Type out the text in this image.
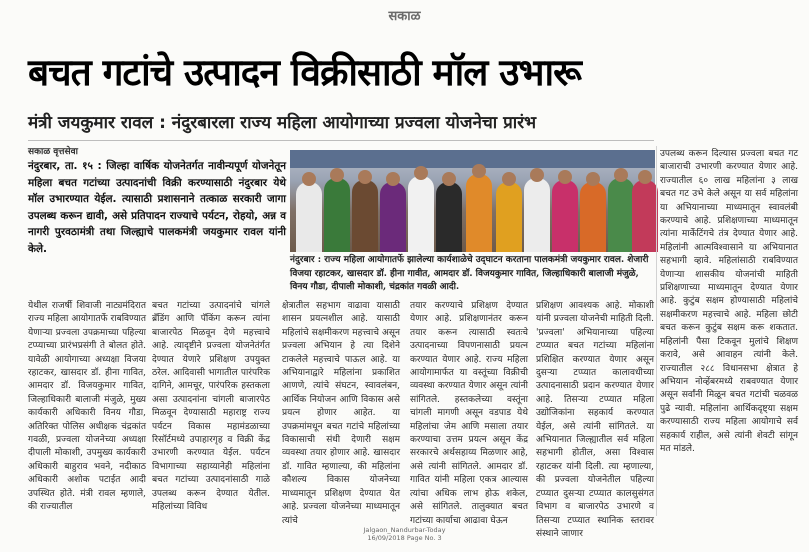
सकाळ
बचत गटांचे उत्पादन विक्रीसाठी मॉल उभारू
मंत्री जयकुमार रावल : नंदुरबारला राज्य महिला आयोगाच्या प्रज्वला योजनेचा प्रारंभ
सकाळ वृत्तसेवा

नंदुरबार, ता. १५ : जिल्हा वार्षिक योजनेतर्गत नावीन्यपूर्ण योजनेतून महिला बचत गटांच्या उत्पादनांची विक्री करण्यासाठी नंदुरबार येथे मॉल उभारण्यात येईल. त्यासाठी प्रशासनाने तत्काळ सरकारी जागा उपलब्ध करून द्यावी, असे प्रतिपादन राज्याचे पर्यटन, रोहयो, अन्न व नागरी पुरवठामंत्री तथा जिल्ह्याचे पालकमंत्री जयकुमार रावल यांनी केले.

नंदुरबार : राज्य महिला आयोगातर्फे झालेल्या कार्यशाळेचे उद्‌घाटन करताना पालकमंत्री जयकुमार रावल. शेजारी विजया रहाटकर, खासदार डॉ. हीना गावीत, आमदार डॉ. विजयकुमार गावित, जिल्हाधिकारी बालाजी मंजुळे, विनय गौडा, दीपाली मोकाशी, चंद्रकांत गवळी आदी.

येथील राजर्षी शिवाजी नाट्यमंदिरात राज्य महिला आयोगातर्फे राबविण्यात येणाऱ्या प्रज्वला उपक्रमाच्या पहिल्या टप्प्याच्या प्रारंभप्रसंगी ते बोलत होते. यावेळी आयोगाच्या अध्यक्षा विजया रहाटकर, खासदार डॉ. हीना गावित, आमदार डॉ. विजयकुमार गावित, जिल्हाधिकारी बालाजी मंजुळे, मुख्य कार्यकारी अधिकारी विनय गौडा, अतिरिक्त पोलिस अधीक्षक चंद्रकांत गवळी, प्रज्वला योजनेच्या अध्यक्षा दीपाली मोकाशी, उपमुख्य कार्यकारी अधिकारी बाहुराव भवने, नदीकाठ अधिकारी अशोक पटाईत आदी उपस्थित होते. मंत्री रावल म्हणाले, की राज्यातील

बचत गटांच्या उत्पादनांचे चांगले ब्रँडिंग आणि पॅकिंग करून त्यांना बाजारपेठ मिळवून देणे महत्त्वाचे आहे. त्यादृष्टीने प्रज्वला योजनेतंर्गत देण्यात येणारे प्रशिक्षण उपयुक्त ठरेल. आदिवासी भागातील पारंपरिक दागिने, आमचूर, पारंपरिक हस्तकला असा उत्पादनांना चांगली बाजारपेठ मिळवून देण्यासाठी महाराष्ट्र राज्य पर्यटन विकास महामंडळाच्या रिसॉर्टमध्ये उपाहारगृह व विक्री केंद्र उभारणी करण्यात येईल. पर्यटन विभागाच्या सहाय्यानेही महिलांना बचत गटांच्या उत्पादनांसाठी गाळे उपलब्ध करून देण्यात येतील. महिलांच्या विविध

क्षेत्रातील सहभाग वाढावा यासाठी शासन प्रयत्नशील आहे. यासाठी महिलांचे सक्षमीकरण महत्त्वाचे असून प्रज्वला अभियान हे त्या दिशेने टाकलेले महत्त्वाचे पाऊल आहे. या अभियानाद्वारे महिलांना प्रकाशित आणणे, त्यांचे संघटन, स्वावलंबन, आर्थिक नियोजन आणि विकास असे प्रयत्न होणार आहेत. या उपक्रमांमधून बचत गटांचे महिलांच्या विकासाची संधी देणारी सक्षम व्यवस्था तयार होणार आहे. खासदार डॉ. गावित म्हणाल्या, की महिलांना कौशल्य विकास योजनेच्या माध्यमातून प्रशिक्षण देण्यात येत आहे. प्रज्वला योजनेच्या माध्यमातून त्यांचे

तयार करण्याचे प्रशिक्षण देण्यात येणार आहे. प्रशिक्षणानंतर करून तयार करून त्यासाठी स्वतःचे उत्पादनाच्या विपणनासाठी प्रयत्न करण्यात येणार आहे. राज्य महिला आयोगामार्फत या वस्तूंच्या विक्रीची व्यवस्था करण्यात येणार असून त्यांनी सांगितले. हस्तकलेच्या वस्तूंना चांगली मागणी असून वडपाड येथे महिलांचा जेम आणि मसाला तयार करण्याचा उत्तम प्रयत्न असून केंद्र सरकारचे अर्थसहाय्य मिळणार आहे, असे त्यांनी सांगितले. आमदार डॉ. गावित यांनी महिला एकत्र आल्यास त्यांचा अधिक लाभ होऊ शकेल, असे सांगितले. तालुक्यात बचत गटांच्या कार्याचा आढावा घेऊन

प्रशिक्षण आवश्यक आहे. मोकाशी यांनी प्रज्वला योजनेची माहिती दिली. 'प्रज्वला' अभियानाच्या पहिल्या टप्प्यात बचत गटांच्या महिलांना प्रशिक्षित करण्यात येणार असून दुसऱ्या टप्प्यात कालावधीच्या उत्पादनासाठी प्रदान करण्यात येणार आहे. तिसऱ्या टप्प्यात महिला उद्योजिकांना सहकार्य करण्यात येईल, असे त्यांनी सांगितले. या अभियानात जिल्ह्यातील सर्व महिला सहभागी होतील, असा विश्वास रहाटकर यांनी दिली. त्या म्हणाल्या, की प्रज्वला योजनेतील पहिल्या टप्प्यात दुसऱ्या टप्प्यात कालसुसंगत विभाग व बाजारपेठ उभारणे व तिसऱ्या टप्प्यात स्थानिक स्तरावर संस्थाने जाणार

उपलब्ध करून दिल्यास प्रज्वला बचत गट बाजाराची उभारणी करण्यात येणार आहे. राज्यातील ६० लाख महिलांना ३ लाख बचत गट उभे केले असून या सर्व महिलांना या अभियानाच्या माध्यमातून स्वावलंबी करण्याचे आहे. प्रशिक्षणाच्या माध्यमातून त्यांना मार्केटिंगचे तंत्र देण्यात येणार आहे. महिलांनी आत्मविश्वासाने या अभियानात सहभागी व्हावे. महिलांसाठी राबविण्यात येणाऱ्या शासकीय योजनांची माहिती प्रशिक्षणाच्या माध्यमातून देण्यात येणार आहे. कुटुंब सक्षम होण्यासाठी महिलांचे सक्षमीकरण महत्त्वाचे आहे. महिला छोटी बचत करून कुटुंब सक्षम करू शकतात. महिलांनी पैसा टिकवून मुलांचे शिक्षण करावे, असे आवाहन त्यांनी केले. राज्यातील २८८ विधानसभा क्षेत्रात हे अभियान नोव्हेंबरमध्ये राबवण्यात येणार असून सर्वांनी मिळून बचत गटांची चळवळ पुढे न्यावी. महिलांना आर्थिकदृष्ट्या सक्षम करण्यासाठी राज्य महिला आयोगाचे सर्व सहकार्य राहील, असे त्यांनी शेवटी सांगून मत मांडले.

Jalgaon_Nandurbar-Today
16/09/2018 Page No. 3
